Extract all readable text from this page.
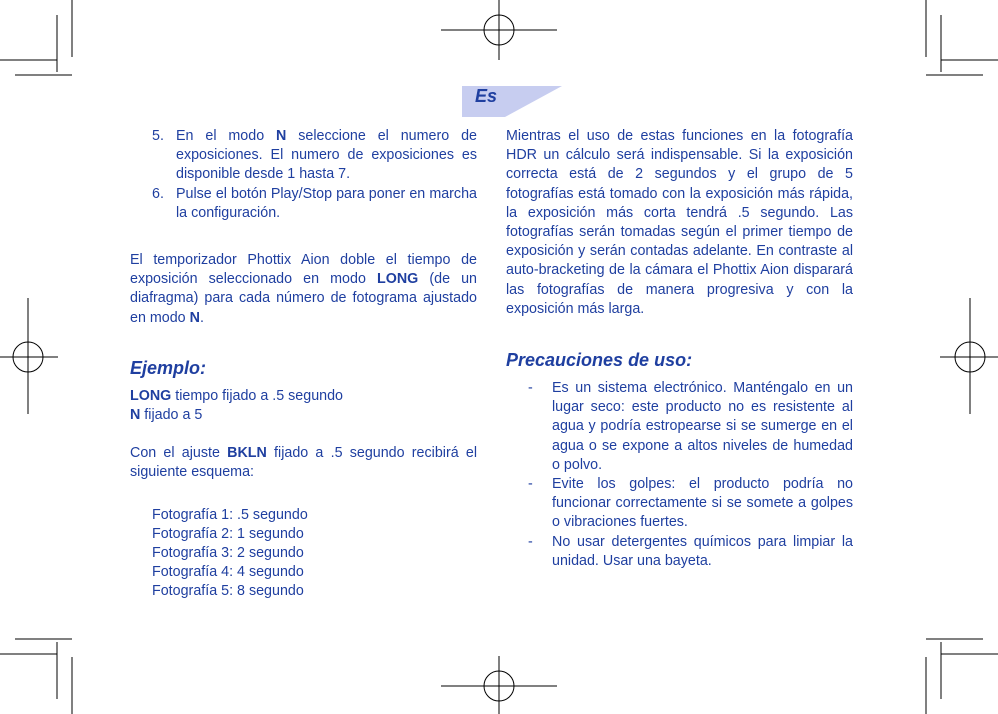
Es
5. En el modo N seleccione el numero de exposiciones. El numero de exposiciones es disponible desde 1 hasta 7.
6. Pulse el botón Play/Stop para poner en marcha la configuración.

El temporizador Phottix Aion doble el tiempo de exposición seleccionado en modo LONG (de un diafragma) para cada número de fotograma ajustado en modo N.

Ejemplo:

LONG tiempo fijado a .5 segundo

N fijado a 5

Con el ajuste BKLN fijado a .5 segundo recibirá el siguiente esquema:

Fotografía 1: .5 segundo
Fotografía 2: 1 segundo
Fotografía 3: 2 segundo
Fotografía 4: 4 segundo
Fotografía 5: 8 segundo

Mientras el uso de estas funciones en la fotografía HDR un cálculo será indispensable. Si la exposición correcta está de 2 segundos y el grupo de 5 fotografías está tomado con la exposición más rápida, la exposición más corta tendrá .5 segundo. Las fotografías serán tomadas según el primer tiempo de exposición y serán contadas adelante. En contraste al auto-bracketing de la cámara el Phottix Aion disparará las fotografías de manera progresiva y con la exposición más larga.

Precauciones de uso:
- Es un sistema electrónico. Manténgalo en un lugar seco: este producto no es resistente al agua y podría estropearse si se sumerge en el agua o se expone a altos niveles de humedad o polvo.
- Evite los golpes: el producto podría no funcionar correctamente si se somete a golpes o vibraciones fuertes.
- No usar detergentes químicos para limpiar la unidad. Usar una bayeta.
